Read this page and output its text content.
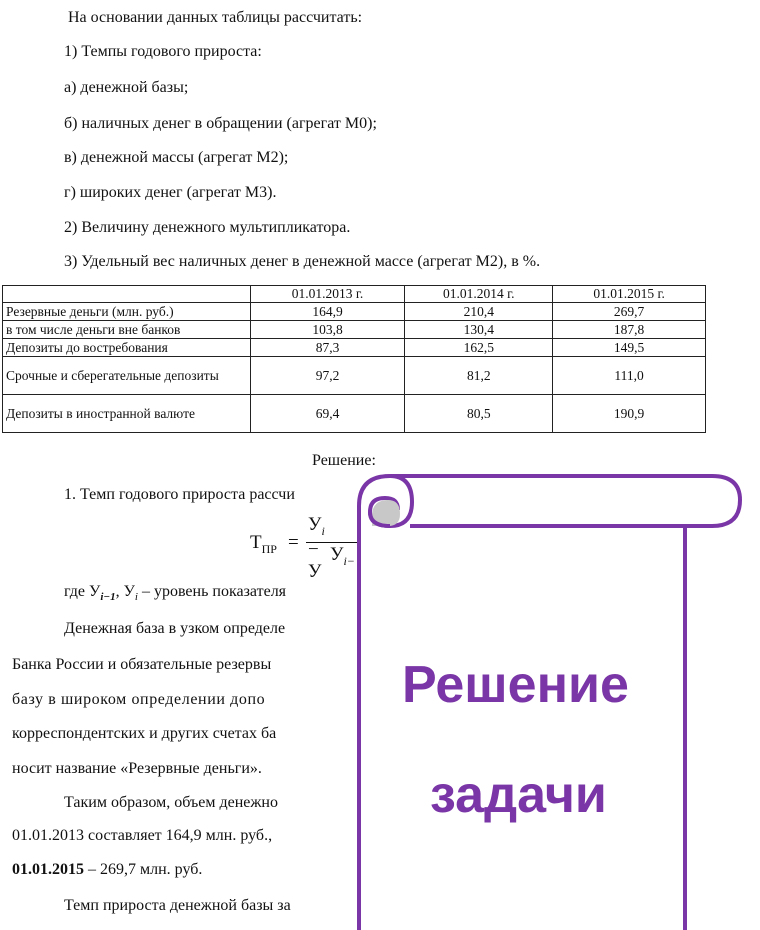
На основании данных таблицы рассчитать:
1) Темпы годового прироста:
а) денежной базы;
б) наличных денег в обращении (агрегат М0);
в) денежной массы (агрегат М2);
г) широких денег (агрегат М3).
2) Величину денежного мультипликатора.
3) Удельный вес наличных денег в денежной массе (агрегат М2), в %.
	01.01.2013 г.	01.01.2014 г.	01.01.2015 г.
Резервные деньги (млн. руб.)	164,9	210,4	269,7
в том числе деньги вне банков	103,8	130,4	187,8
Депозиты до востребования	87,3	162,5	149,5
Срочные и сберегательные депозиты	97,2	81,2	111,0
Депозиты в иностранной валюте	69,4	80,5	190,9
Решение:
1. Темп годового прироста рассчи
$Т_{ПР}$ =
$У_i - У$
$У_{i-}$
где $У_{i-1}$, $У_i$ – уровень показателя
Денежная база в узком определе
Банка России и обязательные резервы
базу в широком определении допо
корреспондентских и других счетах ба
носит название «Резервные деньги».
Таким образом, объем денежно
01.01.2013 составляет 164,9 млн. руб.,
01.01.2015 – 269,7 млн. руб.
Темп прироста денежной базы за
Решение
задачи
